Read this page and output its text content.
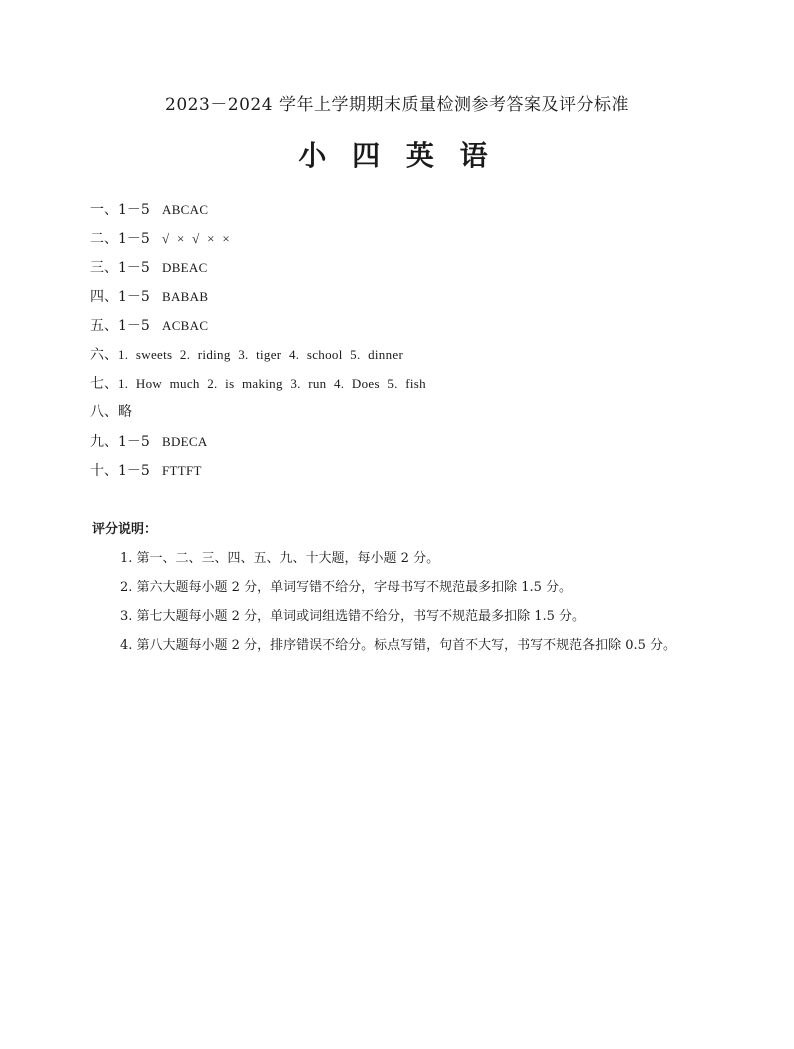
2023－2024 学年上学期期末质量检测参考答案及评分标准
小 四 英 语
一、1－5 ABCAC
二、1－5 √ × √ × ×
三、1－5 DBEAC
四、1－5 BABAB
五、1－5 ACBAC
六、1. sweets 2. riding 3. tiger 4. school 5. dinner
七、1. How much 2. is making 3. run 4. Does 5. fish
八、略
九、1－5 BDECA
十、1－5 FTTFT
评分说明：
1. 第一、二、三、四、五、九、十大题，每小题 2 分。
2. 第六大题每小题 2 分，单词写错不给分，字母书写不规范最多扣除 1.5 分。
3. 第七大题每小题 2 分，单词或词组选错不给分，书写不规范最多扣除 1.5 分。
4. 第八大题每小题 2 分，排序错误不给分。标点写错，句首不大写，书写不规范各扣除 0.5 分。
